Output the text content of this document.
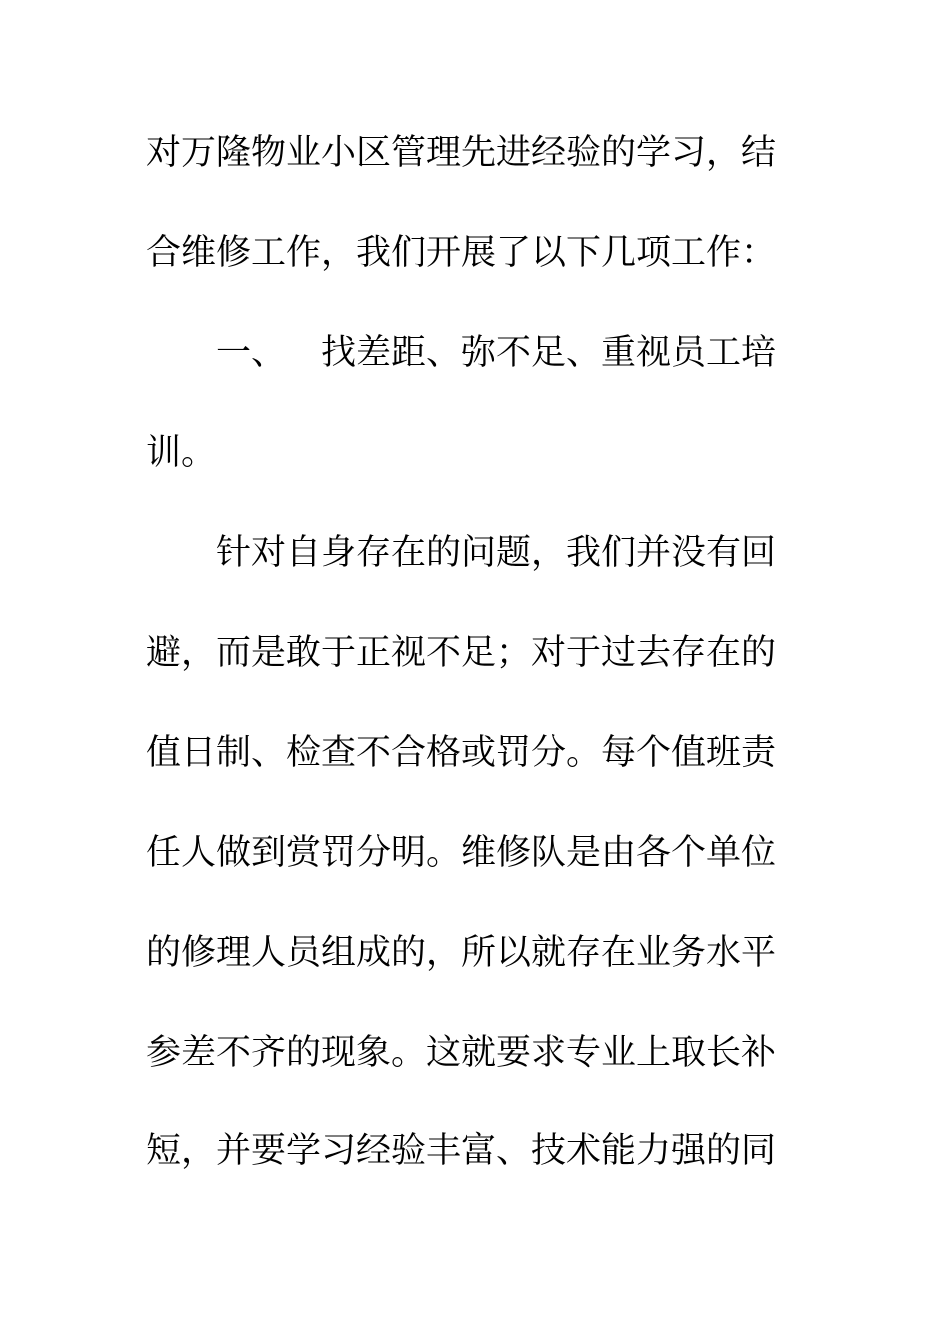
对万隆物业小区管理先进经验的学习，结
合维修工作，我们开展了以下几项工作：
一、 找差距、弥不足、重视员工培
训。
针对自身存在的问题，我们并没有回
避，而是敢于正视不足；对于过去存在的
值日制、检查不合格或罚分。每个值班责
任人做到赏罚分明。维修队是由各个单位
的修理人员组成的，所以就存在业务水平
参差不齐的现象。这就要求专业上取长补
短，并要学习经验丰富、技术能力强的同
